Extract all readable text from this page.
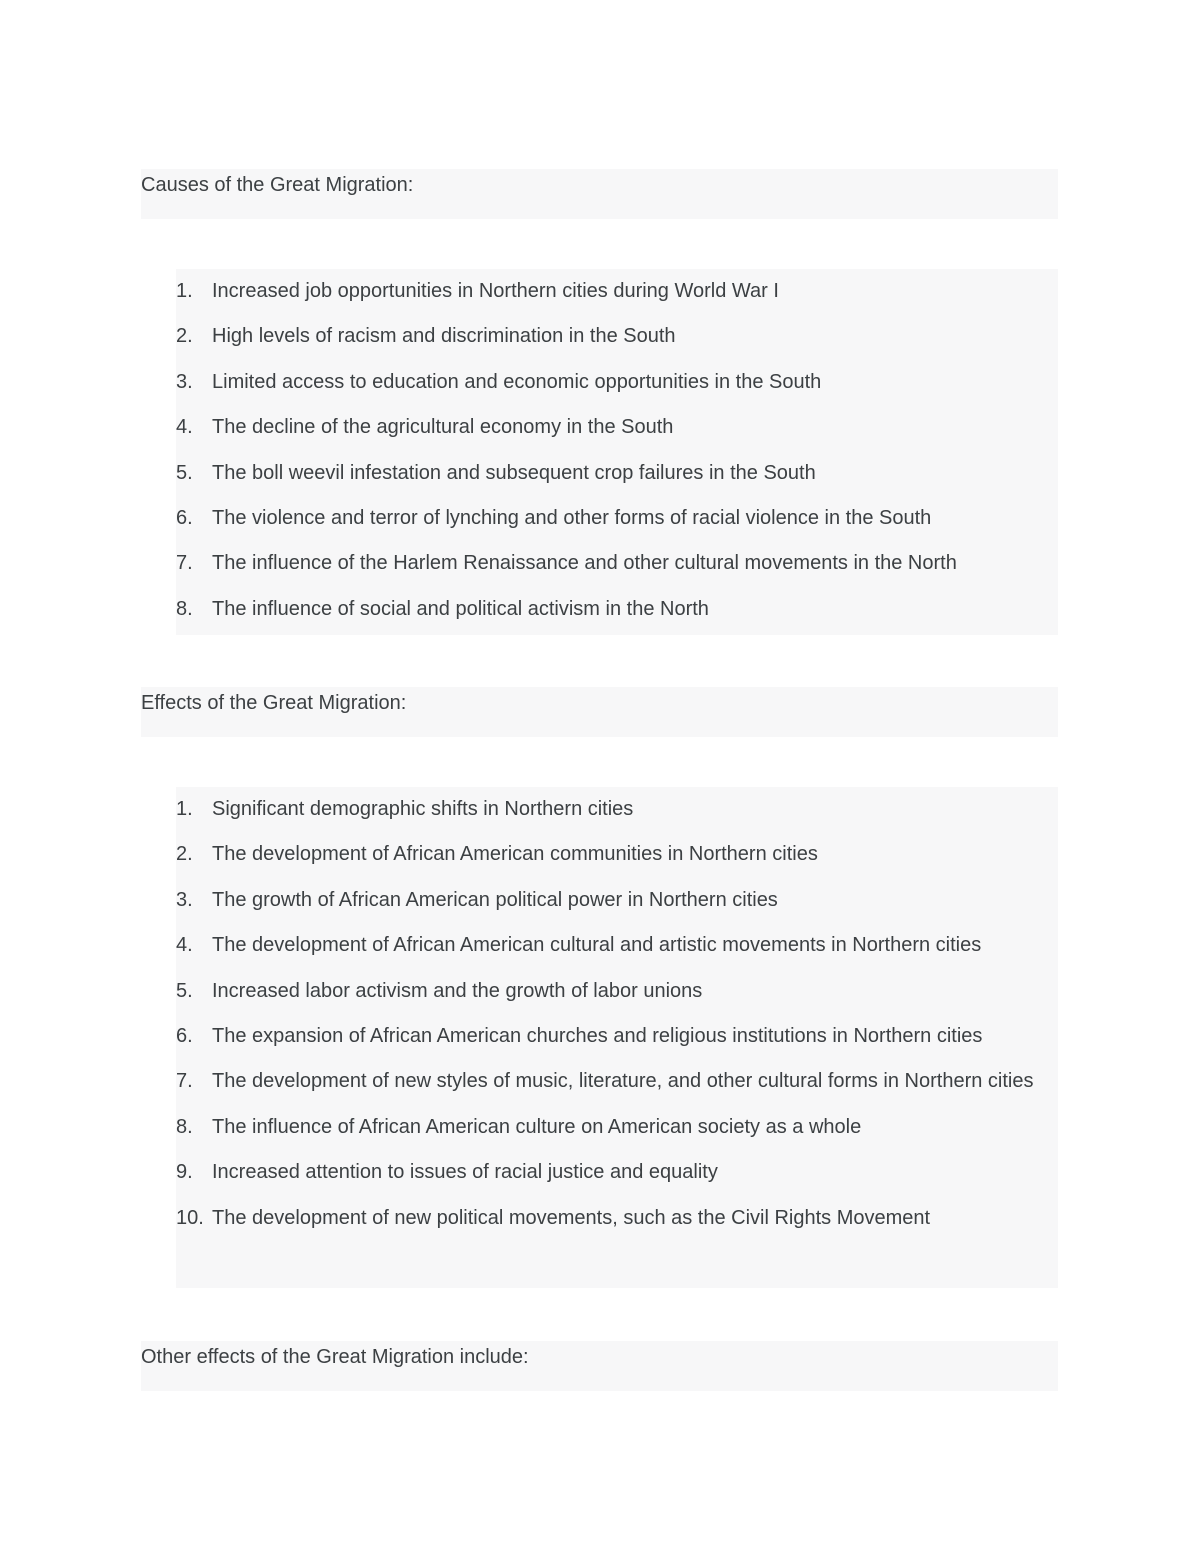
Causes of the Great Migration:
1. Increased job opportunities in Northern cities during World War I
2. High levels of racism and discrimination in the South
3. Limited access to education and economic opportunities in the South
4. The decline of the agricultural economy in the South
5. The boll weevil infestation and subsequent crop failures in the South
6. The violence and terror of lynching and other forms of racial violence in the South
7. The influence of the Harlem Renaissance and other cultural movements in the North
8. The influence of social and political activism in the North
Effects of the Great Migration:
1. Significant demographic shifts in Northern cities
2. The development of African American communities in Northern cities
3. The growth of African American political power in Northern cities
4. The development of African American cultural and artistic movements in Northern cities
5. Increased labor activism and the growth of labor unions
6. The expansion of African American churches and religious institutions in Northern cities
7. The development of new styles of music, literature, and other cultural forms in Northern cities
8. The influence of African American culture on American society as a whole
9. Increased attention to issues of racial justice and equality
10. The development of new political movements, such as the Civil Rights Movement
Other effects of the Great Migration include:
